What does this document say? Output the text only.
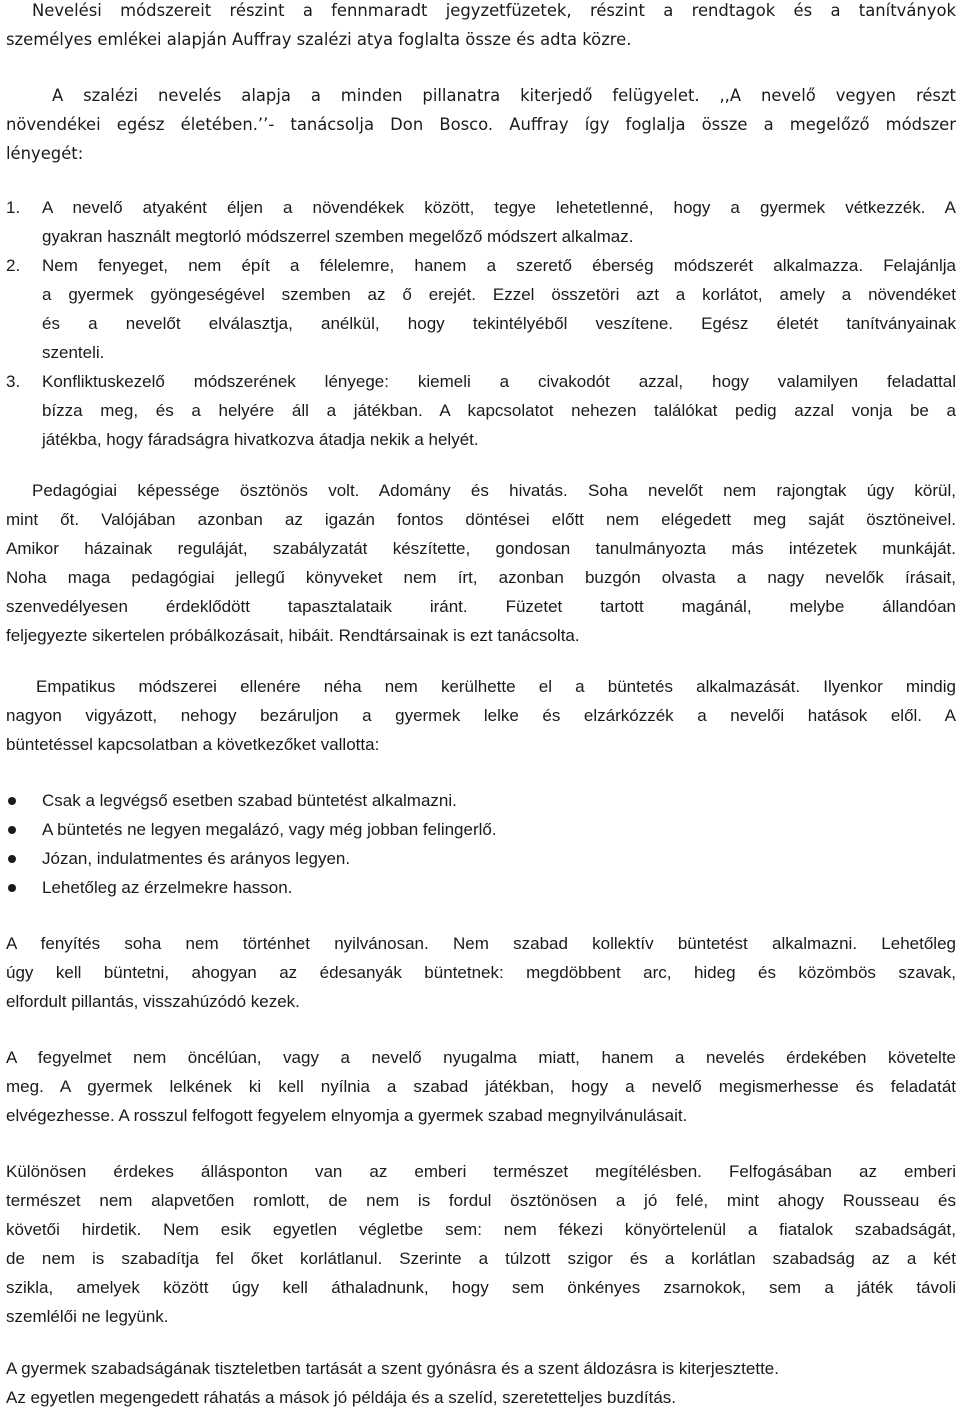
Nevelési módszereit részint a fennmaradt jegyzetfüzetek, részint a rendtagok és a tanítványok
személyes emlékei alapján Auffray szalézi atya foglalta össze és adta közre.
A szalézi nevelés alapja a minden pillanatra kiterjedő felügyelet. ,,A nevelő vegyen részt
növendékei egész életében.’’- tanácsolja Don Bosco. Auffray így foglalja össze a megelőző módszer
lényegét:
1. A nevelő atyaként éljen a növendékek között, tegye lehetetlenné, hogy a gyermek vétkezzék. A
gyakran használt megtorló módszerrel szemben megelőző módszert alkalmaz.
2. Nem fenyeget, nem épít a félelemre, hanem a szerető éberség módszerét alkalmazza. Felajánlja
a gyermek gyöngeségével szemben az ő erejét. Ezzel összetöri azt a korlátot, amely a növendéket
és a nevelőt elválasztja, anélkül, hogy tekintélyéből veszítene. Egész életét tanítványainak
szenteli.
3. Konfliktuskezelő módszerének lényege: kiemeli a civakodót azzal, hogy valamilyen feladattal
bízza meg, és a helyére áll a játékban. A kapcsolatot nehezen találókat pedig azzal vonja be a
játékba, hogy fáradságra hivatkozva átadja nekik a helyét.
Pedagógiai képessége ösztönös volt. Adomány és hivatás. Soha nevelőt nem rajongtak úgy körül,
mint őt. Valójában azonban az igazán fontos döntései előtt nem elégedett meg saját ösztöneivel.
Amikor házainak reguláját, szabályzatát készítette, gondosan tanulmányozta más intézetek munkáját.
Noha maga pedagógiai jellegű könyveket nem írt, azonban buzgón olvasta a nagy nevelők írásait,
szenvedélyesen érdeklődött tapasztalataik iránt. Füzetet tartott magánál, melybe állandóan
feljegyezte sikertelen próbálkozásait, hibáit. Rendtársainak is ezt tanácsolta.
Empatikus módszerei ellenére néha nem kerülhette el a büntetés alkalmazását. Ilyenkor mindig
nagyon vigyázott, nehogy bezáruljon a gyermek lelke és elzárkózzék a nevelői hatások elől. A
büntetéssel kapcsolatban a következőket vallotta:
Csak a legvégső esetben szabad büntetést alkalmazni.
A büntetés ne legyen megalázó, vagy még jobban felingerlő.
Józan, indulatmentes és arányos legyen.
Lehetőleg az érzelmekre hasson.
A fenyítés soha nem történhet nyilvánosan. Nem szabad kollektív büntetést alkalmazni. Lehetőleg
úgy kell büntetni, ahogyan az édesanyák büntetnek: megdöbbent arc, hideg és közömbös szavak,
elfordult pillantás, visszahúzódó kezek.
A fegyelmet nem öncélúan, vagy a nevelő nyugalma miatt, hanem a nevelés érdekében követelte
meg. A gyermek lelkének ki kell nyílnia a szabad játékban, hogy a nevelő megismerhesse és feladatát
elvégezhesse. A rosszul felfogott fegyelem elnyomja a gyermek szabad megnyilvánulásait.
Különösen érdekes állásponton van az emberi természet megítélésben. Felfogásában az emberi
természet nem alapvetően romlott, de nem is fordul ösztönösen a jó felé, mint ahogy Rousseau és
követői hirdetik. Nem esik egyetlen végletbe sem: nem fékezi könyörtelenül a fiatalok szabadságát,
de nem is szabadítja fel őket korlátlanul. Szerinte a túlzott szigor és a korlátlan szabadság az a két
szikla, amelyek között úgy kell áthaladnunk, hogy sem önkényes zsarnokok, sem a játék távoli
szemlélői ne legyünk.
A gyermek szabadságának tiszteletben tartását a szent gyónásra és a szent áldozásra is kiterjesztette.
Az egyetlen megengedett ráhatás a mások jó példája és a szelíd, szeretetteljes buzdítás.
